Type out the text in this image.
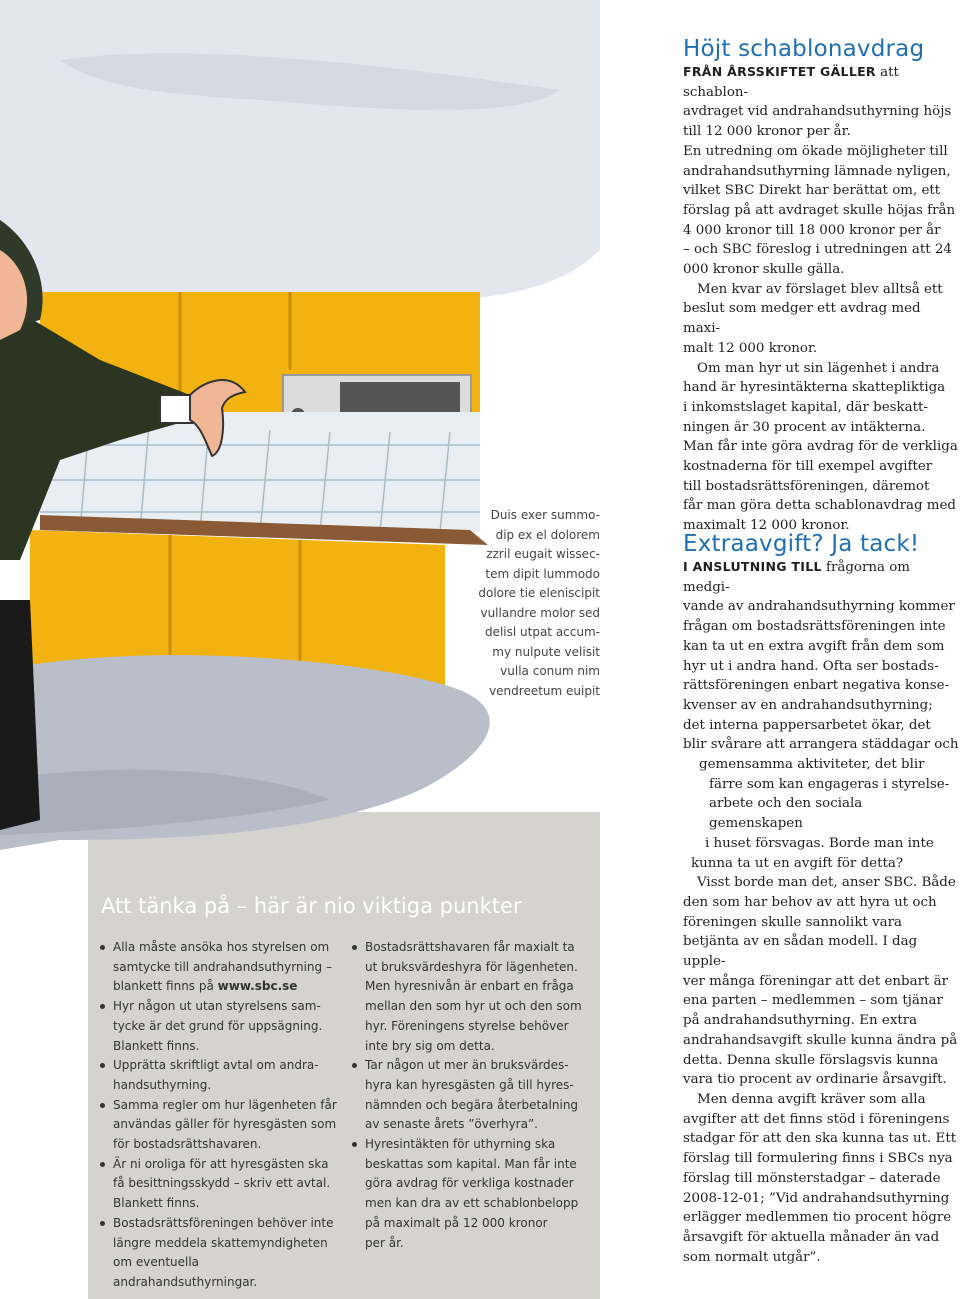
Duis exer summo-
dip ex el dolorem
zzril eugait wissec-
tem dipit lummodo
dolore tie eleniscipit
vullandre molor sed
delisl utpat accum-
my nulpute velisit
vulla conum nim
vendreetum euipit
Att tänka på – här är nio viktiga punkter
Alla måste ansöka hos styrelsen om
samtycke till andrahandsuthyrning –
blankett finns på www.sbc.se
Hyr någon ut utan styrelsens sam-
tycke är det grund för uppsägning.
Blankett finns.
Upprätta skriftligt avtal om andra-
handsuthyrning.
Samma regler om hur lägenheten får
användas gäller för hyresgästen som
för bostadsrättshavaren.
Är ni oroliga för att hyresgästen ska
få besittningsskydd – skriv ett avtal.
Blankett finns.
Bostadsrättsföreningen behöver inte
längre meddela skattemyndigheten
om eventuella andrahandsuthyrningar.
Bostadsrättshavaren får maxialt ta
ut bruksvärdeshyra för lägenheten.
Men hyresnivån är enbart en fråga
mellan den som hyr ut och den som
hyr. Föreningens styrelse behöver
inte bry sig om detta.
Tar någon ut mer än bruksvärdes-
hyra kan hyresgästen gå till hyres-
nämnden och begära återbetalning
av senaste årets ”överhyra”.
Hyresintäkten för uthyrning ska
beskattas som kapital. Man får inte
göra avdrag för verkliga kostnader
men kan dra av ett schablonbelopp
på maximalt på 12 000 kronor
per år.
Höjt schablonavdrag

FRÅN ÅRSSKIFTET GÄLLER att schablon-
avdraget vid andrahandsuthyrning höjs
till 12 000 kronor per år.

En utredning om ökade möjligheter till
andrahandsuthyrning lämnade nyligen,
vilket SBC Direkt har berättat om, ett
förslag på att avdraget skulle höjas från
4 000 kronor till 18 000 kronor per år
– och SBC föreslog i utredningen att 24
000 kronor skulle gälla.

Men kvar av förslaget blev alltså ett
beslut som medger ett avdrag med maxi-
malt 12 000 kronor.

Om man hyr ut sin lägenhet i andra
hand är hyresintäkterna skattepliktiga
i inkomstslaget kapital, där beskatt-
ningen är 30 procent av intäkterna.
Man får inte göra avdrag för de verkliga
kostnaderna för till exempel avgifter
till bostadsrättsföreningen, däremot
får man göra detta schablonavdrag med
maximalt 12 000 kronor.

Extraavgift? Ja tack!

I ANSLUTNING TILL frågorna om medgi-
vande av andrahandsuthyrning kommer
frågan om bostadsrättsföreningen inte
kan ta ut en extra avgift från dem som
hyr ut i andra hand. Ofta ser bostads-
rättsföreningen enbart negativa konse-
kvenser av en andrahandsuthyrning;
det interna pappersarbetet ökar, det
blir svårare att arrangera städdagar och

gemensamma aktiviteter, det blir

färre som kan engageras i styrelse-

arbete och den sociala gemenskapen

i huset försvagas. Borde man inte

kunna ta ut en avgift för detta?

Visst borde man det, anser SBC. Både
den som har behov av att hyra ut och
föreningen skulle sannolikt vara
betjänta av en sådan modell. I dag upple-
ver många föreningar att det enbart är
ena parten – medlemmen – som tjänar
på andrahandsuthyrning. En extra
andrahandsavgift skulle kunna ändra på
detta. Denna skulle förslagsvis kunna
vara tio procent av ordinarie årsavgift.

Men denna avgift kräver som alla
avgifter att det finns stöd i föreningens
stadgar för att den ska kunna tas ut. Ett
förslag till formulering finns i SBCs nya
förslag till mönsterstadgar – daterade
2008-12-01; ”Vid andrahandsuthyrning
erlägger medlemmen tio procent högre
årsavgift för aktuella månader än vad
som normalt utgår”.
